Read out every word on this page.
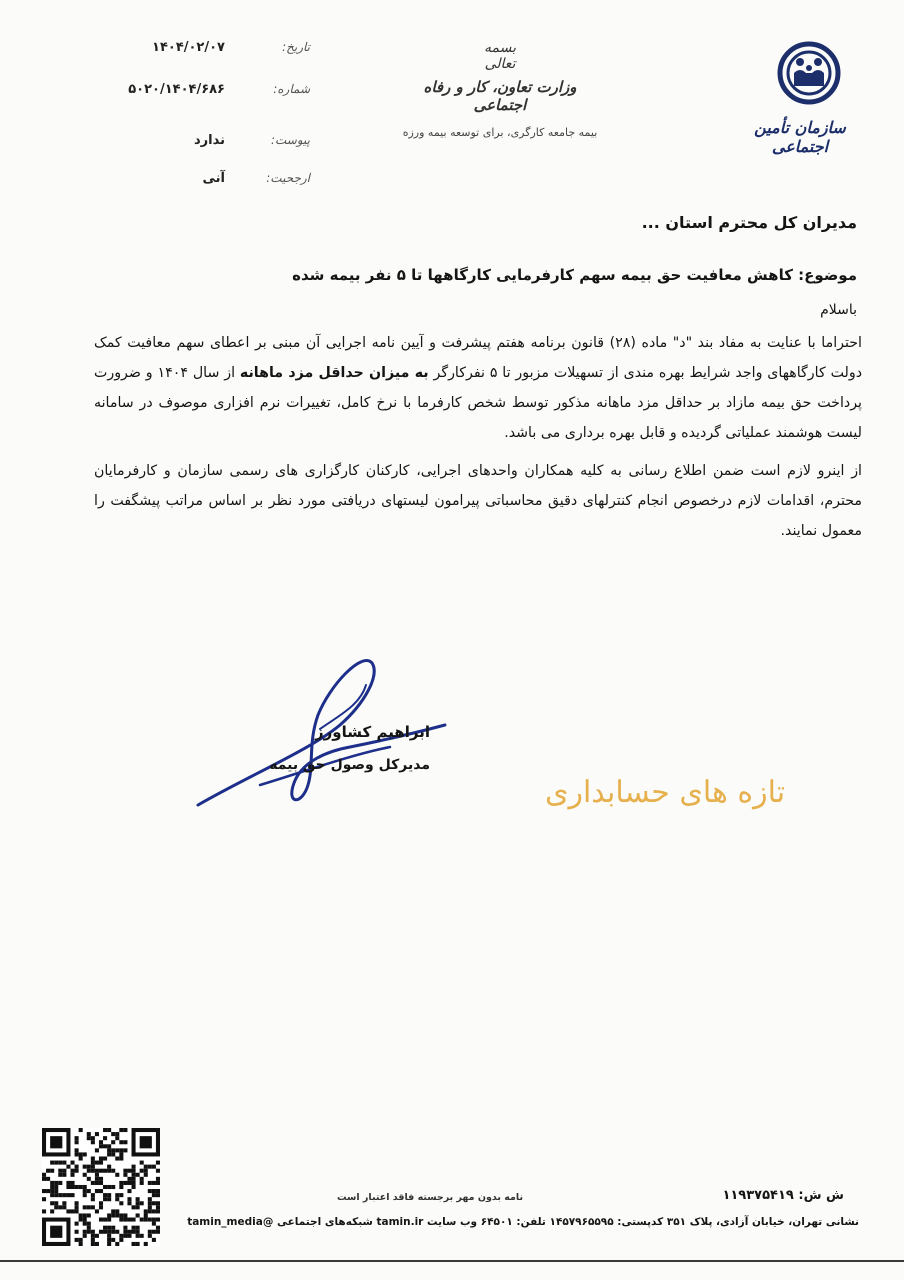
سازمان تأمین اجتماعی
بسمه تعالی
وزارت تعاون، کار و رفاه اجتماعی
بیمه جامعه کارگری، برای توسعه بیمه ورزه
تاریخ:
۱۴۰۴/۰۲/۰۷
شماره:
۵۰۲۰/۱۴۰۴/۶۸۶
پیوست:
ندارد
ارجحیت:
آنی
مدیران کل محترم استان ...
موضوع: کاهش معافیت حق بیمه سهم کارفرمایی کارگاهها تا ۵ نفر بیمه شده
باسلام
احتراما با عنایت به مفاد بند "د" ماده (۲۸) قانون برنامه هفتم پیشرفت و آیین نامه اجرایی آن مبنی بر اعطای سهم معافیت کمک دولت کارگاههای واجد شرایط بهره مندی از تسهیلات مزبور تا ۵ نفرکارگر به میزان حداقل مزد ماهانه از سال ۱۴۰۴ و ضرورت پرداخت حق بیمه مازاد بر حداقل مزد ماهانه مذکور توسط شخص کارفرما با نرخ کامل، تغییرات نرم افزاری موصوف در سامانه لیست هوشمند عملیاتی گردیده و قابل بهره برداری می باشد.
از اینرو لازم است ضمن اطلاع رسانی به کلیه همکاران واحدهای اجرایی، کارکنان کارگزاری های رسمی سازمان و کارفرمایان محترم، اقدامات لازم درخصوص انجام کنترلهای دقیق محاسباتی پیرامون لیستهای دریافتی مورد نظر بر اساس مراتب پیشگفت را معمول نمایند.
ابراهیم کشاورز
مدیرکل وصول حق بیمه
تازه های حسابداری
ش ش: ۱۱۹۳۷۵۴۱۹
نامه بدون مهر برجسته فاقد اعتبار است
نشانی تهران، خیابان آزادی، پلاک ۳۵۱ کدپستی: ۱۴۵۷۹۶۵۵۹۵ تلفن: ۶۴۵۰۱ وب سایت tamin.ir شبکه‌های اجتماعی @tamin_media
